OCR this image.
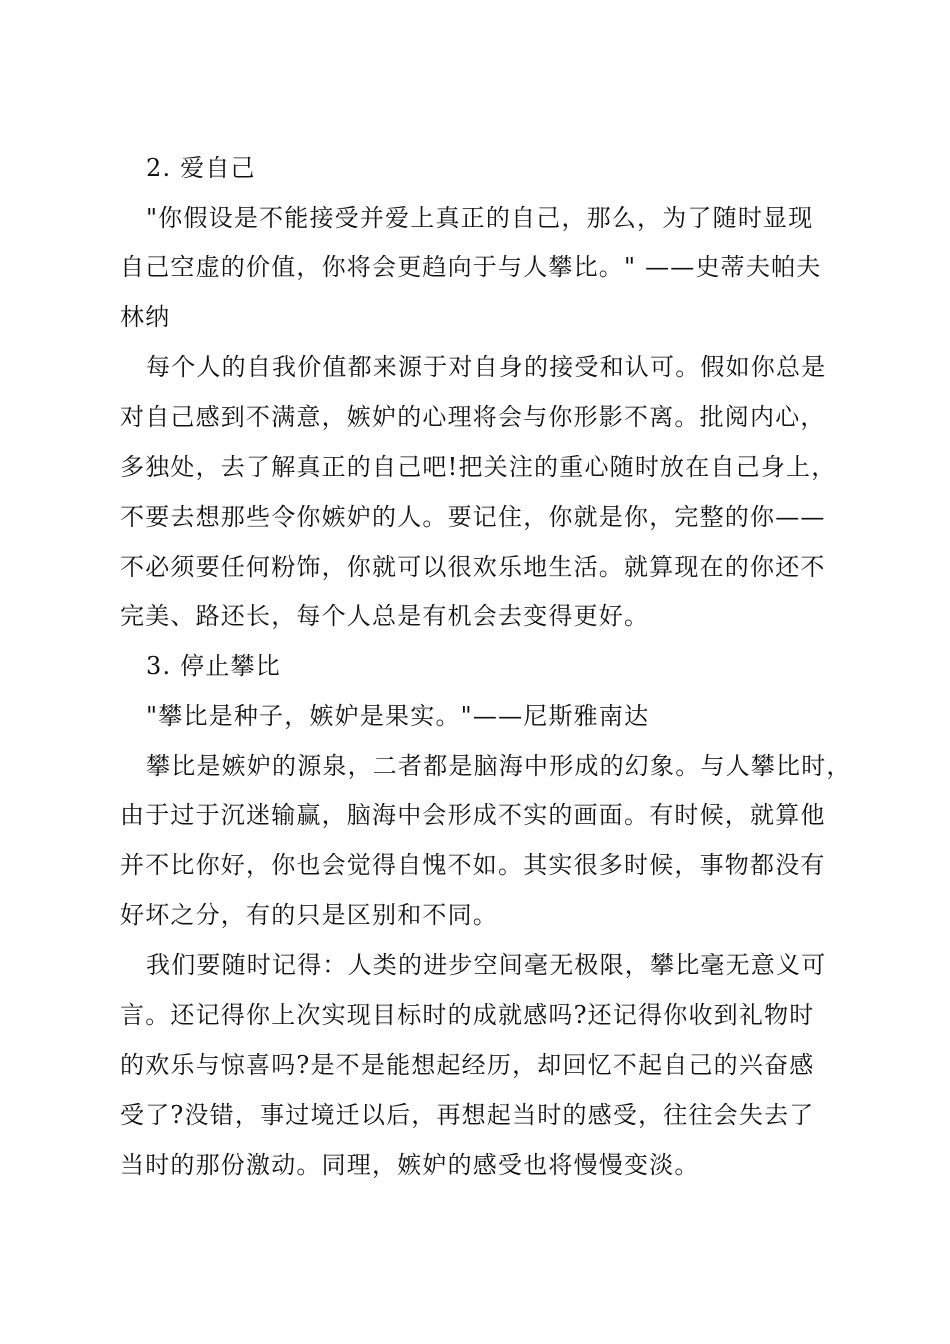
2. 爱自己
"你假设是不能接受并爱上真正的自己，那么，为了随时显现
自己空虚的价值，你将会更趋向于与人攀比。" ——史蒂夫帕夫
林纳
每个人的自我价值都来源于对自身的接受和认可。假如你总是
对自己感到不满意，嫉妒的心理将会与你形影不离。批阅内心，
多独处，去了解真正的自己吧!把关注的重心随时放在自己身上，
不要去想那些令你嫉妒的人。要记住，你就是你，完整的你——
不必须要任何粉饰，你就可以很欢乐地生活。就算现在的你还不
完美、路还长，每个人总是有机会去变得更好。
3. 停止攀比
"攀比是种子，嫉妒是果实。"——尼斯雅南达
攀比是嫉妒的源泉，二者都是脑海中形成的幻象。与人攀比时，
由于过于沉迷输赢，脑海中会形成不实的画面。有时候，就算他
并不比你好，你也会觉得自愧不如。其实很多时候，事物都没有
好坏之分，有的只是区别和不同。
我们要随时记得：人类的进步空间毫无极限，攀比毫无意义可
言。还记得你上次实现目标时的成就感吗?还记得你收到礼物时
的欢乐与惊喜吗?是不是能想起经历，却回忆不起自己的兴奋感
受了?没错，事过境迁以后，再想起当时的感受，往往会失去了
当时的那份激动。同理，嫉妒的感受也将慢慢变淡。
